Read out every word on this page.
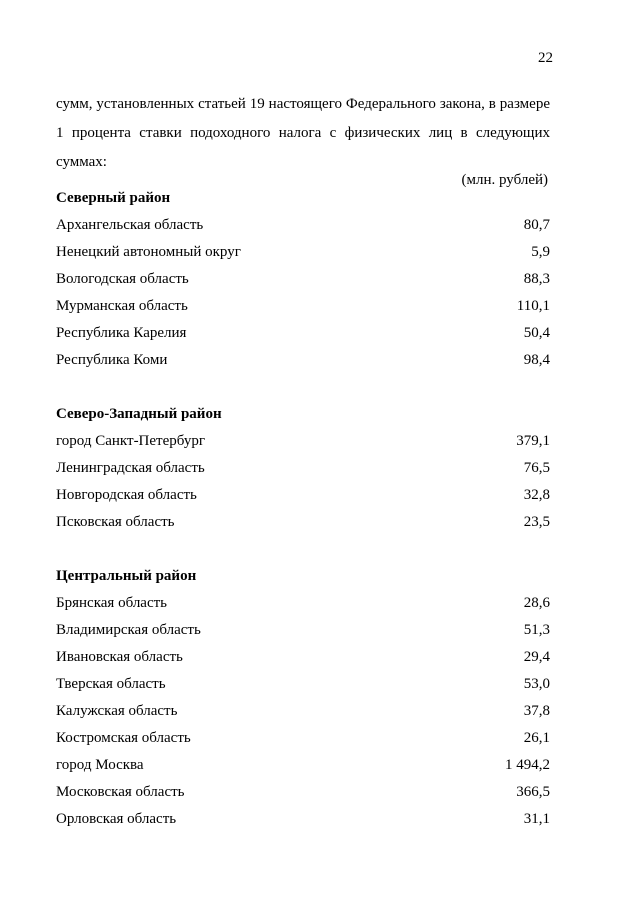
22
сумм, установленных статьей 19 настоящего Федерального закона, в размере
1 процента ставки подоходного налога с физических лиц в следующих
суммах:
(млн. рублей)
Северный район
Архангельская область	80,7
Ненецкий автономный округ	5,9
Вологодская область	88,3
Мурманская область	110,1
Республика Карелия	50,4
Республика Коми	98,4
Северо-Западный район
город Санкт-Петербург	379,1
Ленинградская область	76,5
Новгородская область	32,8
Псковская область	23,5
Центральный район
Брянская область	28,6
Владимирская область	51,3
Ивановская область	29,4
Тверская область	53,0
Калужская область	37,8
Костромская область	26,1
город Москва	1 494,2
Московская область	366,5
Орловская область	31,1
